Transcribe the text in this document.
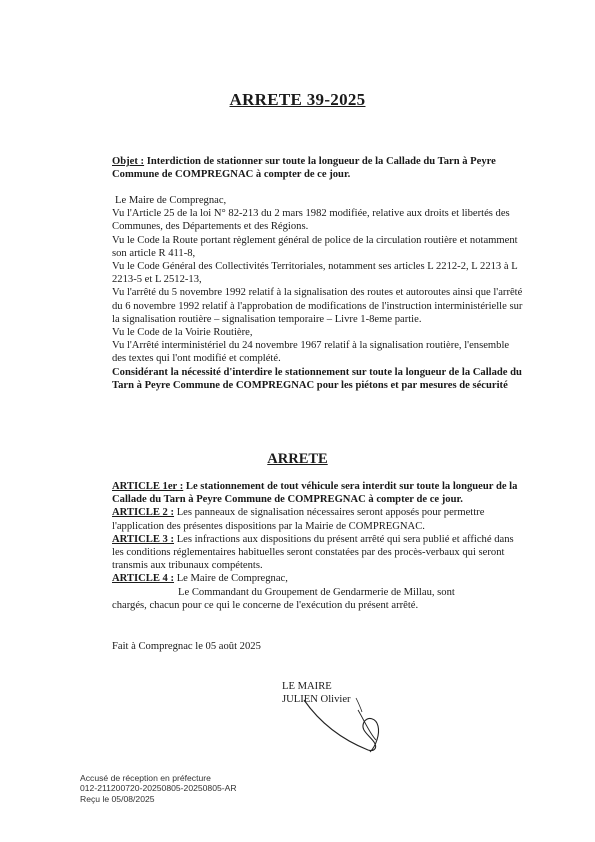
ARRETE 39-2025

Objet : Interdiction de stationner sur toute la longueur de la Callade du Tarn à Peyre Commune de COMPREGNAC à compter de ce jour.

Le Maire de Compregnac,

Vu l'Article 25 de la loi N° 82-213 du 2 mars 1982 modifiée, relative aux droits et libertés des Communes, des Départements et des Régions.

Vu le Code la Route portant règlement général de police de la circulation routière et notamment son article R 411-8,

Vu le Code Général des Collectivités Territoriales, notamment ses articles L 2212-2, L 2213 à L 2213-5 et L 2512-13,

Vu l'arrêté du 5 novembre 1992 relatif à la signalisation des routes et autoroutes ainsi que l'arrêté du 6 novembre 1992 relatif à l'approbation de modifications de l'instruction interministérielle sur la signalisation routière – signalisation temporaire – Livre 1-8eme partie.

Vu le Code de la Voirie Routière,

Vu l'Arrêté interministériel du 24 novembre 1967 relatif à la signalisation routière, l'ensemble des textes qui l'ont modifié et complété.

Considérant la nécessité d'interdire le stationnement sur toute la longueur de la Callade du Tarn à Peyre Commune de COMPREGNAC pour les piétons et par mesures de sécurité

ARRETE

ARTICLE 1er : Le stationnement de tout véhicule sera interdit sur toute la longueur de la Callade du Tarn à Peyre Commune de COMPREGNAC à compter de ce jour.

ARTICLE 2 : Les panneaux de signalisation nécessaires seront apposés pour permettre l'application des présentes dispositions par la Mairie de COMPREGNAC.

ARTICLE 3 : Les infractions aux dispositions du présent arrêté qui sera publié et affiché dans les conditions réglementaires habituelles seront constatées par des procès-verbaux qui seront transmis aux tribunaux compétents.

ARTICLE 4 : Le Maire de Compregnac,

Le Commandant du Groupement de Gendarmerie de Millau, sont

chargés, chacun pour ce qui le concerne de l'exécution du présent arrêté.

Fait à Compregnac le 05 août 2025
LE MAIRE
JULIEN Olivier

Accusé de réception en préfecture

012-211200720-20250805-20250805-AR

Reçu le 05/08/2025
